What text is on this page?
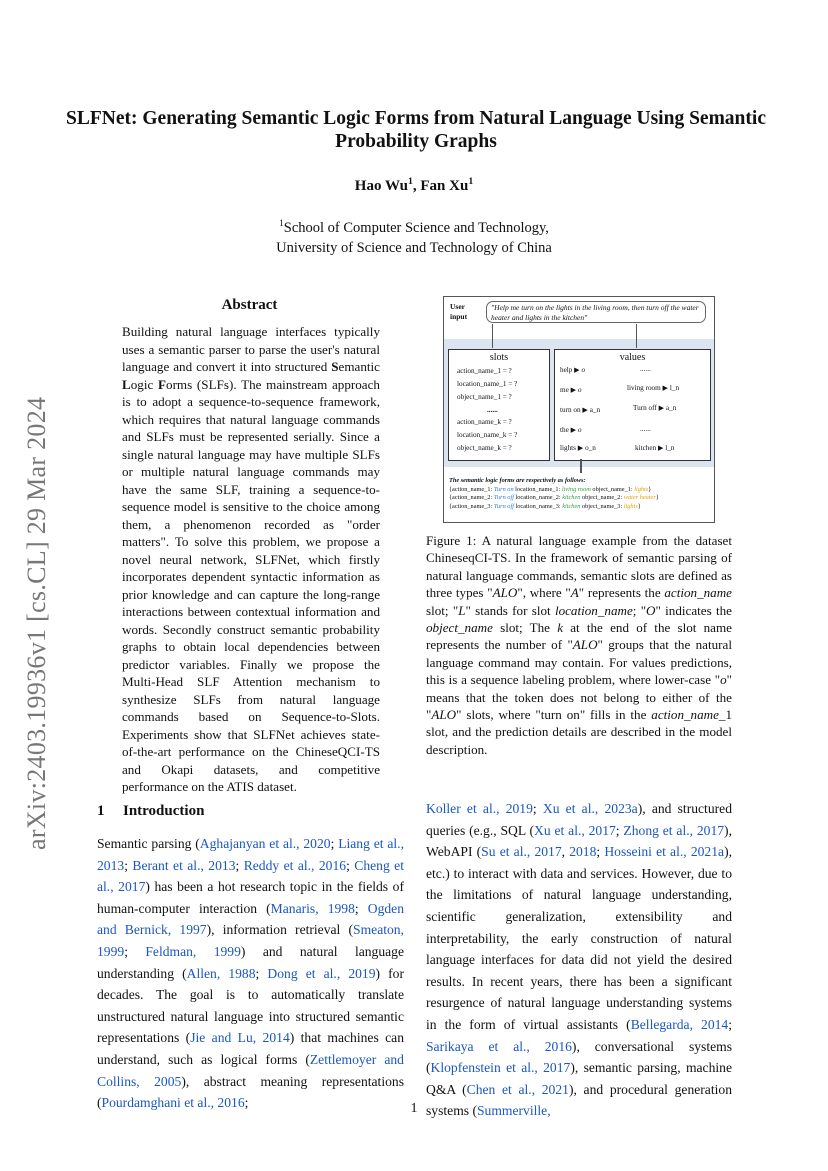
SLFNet: Generating Semantic Logic Forms from Natural Language Using Semantic Probability Graphs
Hao Wu$^1$, Fan Xu$^1$
$^1$School of Computer Science and Technology,
University of Science and Technology of China
arXiv:2403.19936v1 [cs.CL] 29 Mar 2024
Abstract
Building natural language interfaces typically uses a semantic parser to parse the user's natural language and convert it into structured Semantic Logic Forms (SLFs). The mainstream approach is to adopt a sequence-to-sequence framework, which requires that natural language commands and SLFs must be represented serially. Since a single natural language may have multiple SLFs or multiple natural language commands may have the same SLF, training a sequence-to-sequence model is sensitive to the choice among them, a phenomenon recorded as "order matters". To solve this problem, we propose a novel neural network, SLFNet, which firstly incorporates dependent syntactic information as prior knowledge and can capture the long-range interactions between contextual information and words. Secondly construct semantic probability graphs to obtain local dependencies between predictor variables. Finally we propose the Multi-Head SLF Attention mechanism to synthesize SLFs from natural language commands based on Sequence-to-Slots. Experiments show that SLFNet achieves state-of-the-art performance on the ChineseQCI-TS and Okapi datasets, and competitive performance on the ATIS dataset.
User input
"Help me turn on the lights in the living room, then turn off the water heater and lights in the kitchen"
slots
action_name_1 = ?
location_name_1 = ?
object_name_1 = ?
......
action_name_k = ?
location_name_k = ?
object_name_k = ?
values
help ▶ o
me ▶ o
turn on ▶ a_n
the ▶ o
lights ▶ o_n
......
living room ▶ l_n
Turn off ▶ a_n
......
kitchen ▶ l_n
The semantic logic forms are respectively as follows:
{action_name_1: Turn on location_name_1: living room object_name_1: lights}
{action_name_2: Turn off location_name_2: kitchen object_name_2: water heater}
{action_name_3: Turn off location_name_3: kitchen object_name_3: lights}
Figure 1: A natural language example from the dataset ChineseqCI-TS. In the framework of semantic parsing of natural language commands, semantic slots are defined as three types "ALO", where "A" represents the action_name slot; "L" stands for slot location_name; "O" indicates the object_name slot; The k at the end of the slot name represents the number of "ALO" groups that the natural language command may contain. For values predictions, this is a sequence labeling problem, where lower-case "o" means that the token does not belong to either of the "ALO" slots, where "turn on" fills in the action_name_1 slot, and the prediction details are described in the model description.
1 Introduction
Semantic parsing (Aghajanyan et al., 2020; Liang et al., 2013; Berant et al., 2013; Reddy et al., 2016; Cheng et al., 2017) has been a hot research topic in the fields of human-computer interaction (Manaris, 1998; Ogden and Bernick, 1997), information retrieval (Smeaton, 1999; Feldman, 1999) and natural language understanding (Allen, 1988; Dong et al., 2019) for decades. The goal is to automatically translate unstructured natural language into structured semantic representations (Jie and Lu, 2014) that machines can understand, such as logical forms (Zettlemoyer and Collins, 2005), abstract meaning representations (Pourdamghani et al., 2016;
Koller et al., 2019; Xu et al., 2023a), and structured queries (e.g., SQL (Xu et al., 2017; Zhong et al., 2017), WebAPI (Su et al., 2017, 2018; Hosseini et al., 2021a), etc.) to interact with data and services. However, due to the limitations of natural language understanding, scientific generalization, extensibility and interpretability, the early construction of natural language interfaces for data did not yield the desired results. In recent years, there has been a significant resurgence of natural language understanding systems in the form of virtual assistants (Bellegarda, 2014; Sarikaya et al., 2016), conversational systems (Klopfenstein et al., 2017), semantic parsing, machine Q&A (Chen et al., 2021), and procedural generation systems (Summerville,
1
